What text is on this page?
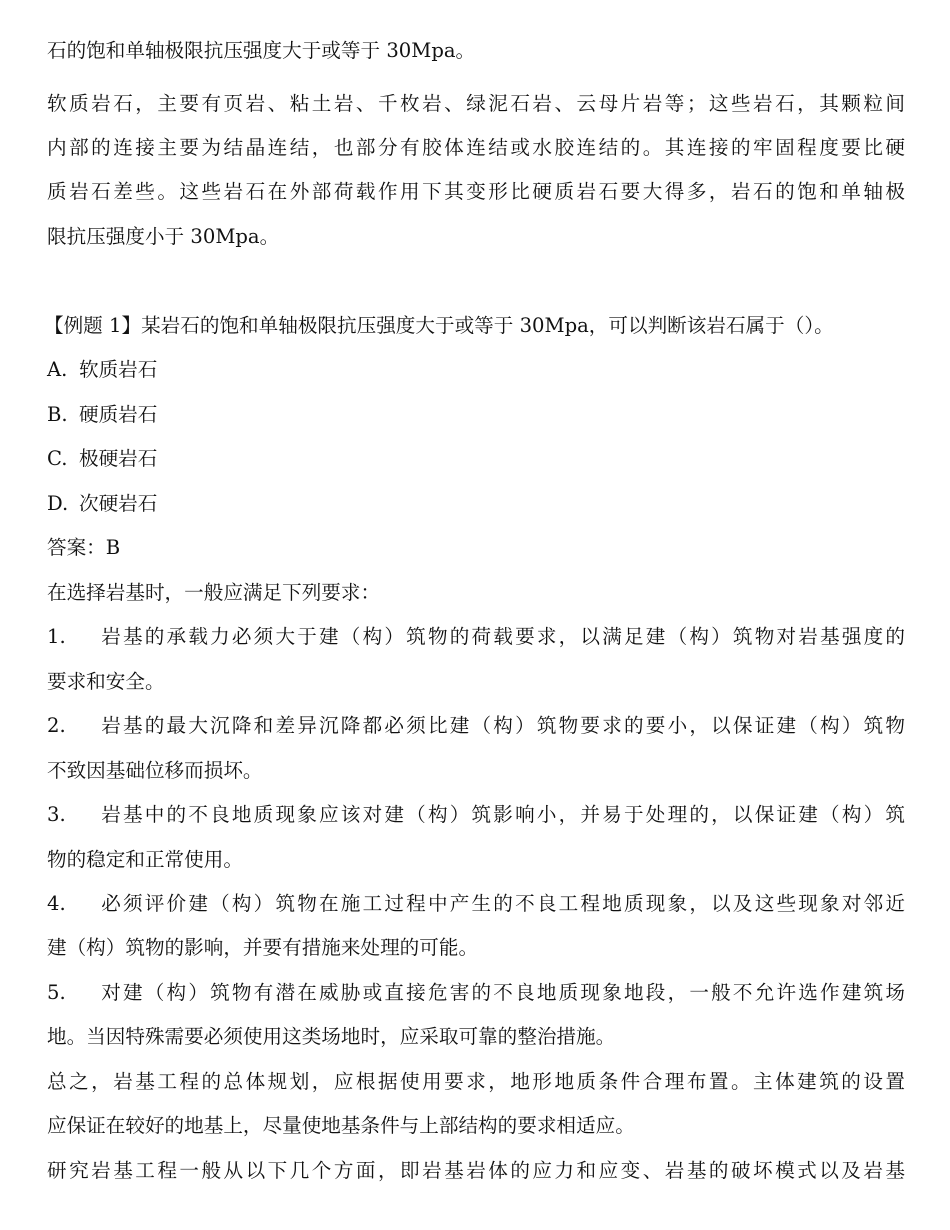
石的饱和单轴极限抗压强度大于或等于 30Mpa。
软质岩石，主要有页岩、粘土岩、千枚岩、绿泥石岩、云母片岩等；这些岩石，其颗粒间
内部的连接主要为结晶连结，也部分有胶体连结或水胶连结的。其连接的牢固程度要比硬
质岩石差些。这些岩石在外部荷载作用下其变形比硬质岩石要大得多，岩石的饱和单轴极
限抗压强度小于 30Mpa。
【例题 1】某岩石的饱和单轴极限抗压强度大于或等于 30Mpa，可以判断该岩石属于（）。
A. 软质岩石
B. 硬质岩石
C. 极硬岩石
D. 次硬岩石
答案：B
在选择岩基时，一般应满足下列要求：
1. 岩基的承载力必须大于建（构）筑物的荷载要求，以满足建（构）筑物对岩基强度的
要求和安全。
2. 岩基的最大沉降和差异沉降都必须比建（构）筑物要求的要小，以保证建（构）筑物
不致因基础位移而损坏。
3. 岩基中的不良地质现象应该对建（构）筑影响小，并易于处理的，以保证建（构）筑
物的稳定和正常使用。
4. 必须评价建（构）筑物在施工过程中产生的不良工程地质现象，以及这些现象对邻近
建（构）筑物的影响，并要有措施来处理的可能。
5. 对建（构）筑物有潜在威胁或直接危害的不良地质现象地段，一般不允许选作建筑场
地。当因特殊需要必须使用这类场地时，应采取可靠的整治措施。
总之，岩基工程的总体规划，应根据使用要求，地形地质条件合理布置。主体建筑的设置
应保证在较好的地基上，尽量使地基条件与上部结构的要求相适应。
研究岩基工程一般从以下几个方面，即岩基岩体的应力和应变、岩基的破坏模式以及岩基
